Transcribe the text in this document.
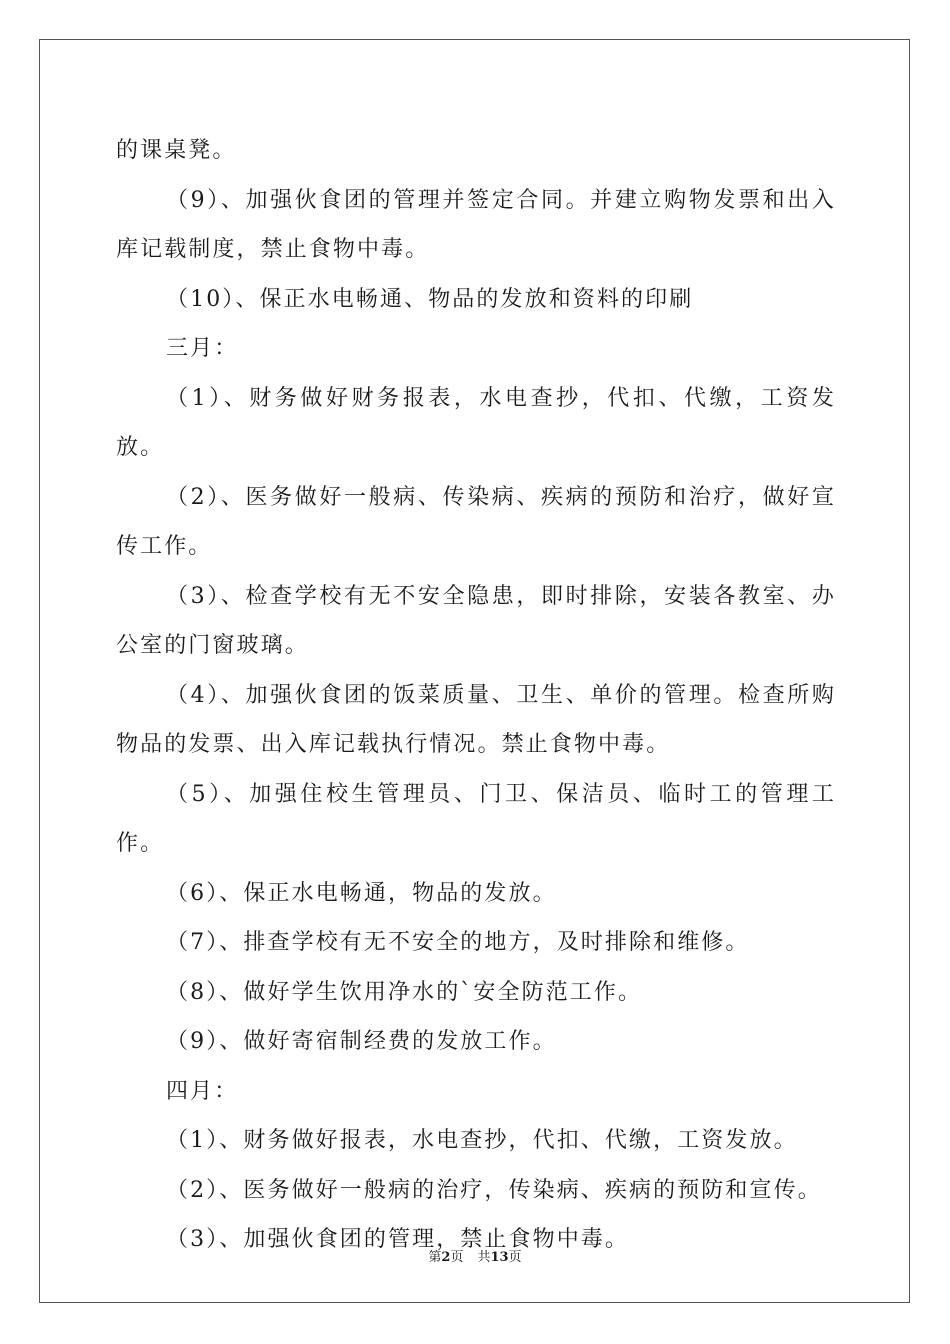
的课桌凳。

（9）、加强伙食团的管理并签定合同。并建立购物发票和出入库记载制度，禁止食物中毒。

（10）、保正水电畅通、物品的发放和资料的印刷

三月：

（1）、财务做好财务报表，水电查抄，代扣、代缴，工资发放。

（2）、医务做好一般病、传染病、疾病的预防和治疗，做好宣传工作。

（3）、检查学校有无不安全隐患，即时排除，安装各教室、办公室的门窗玻璃。

（4）、加强伙食团的饭菜质量、卫生、单价的管理。检查所购物品的发票、出入库记载执行情况。禁止食物中毒。

（5）、加强住校生管理员、门卫、保洁员、临时工的管理工作。

（6）、保正水电畅通，物品的发放。

（7）、排查学校有无不安全的地方，及时排除和维修。

（8）、做好学生饮用净水的`安全防范工作。

（9）、做好寄宿制经费的发放工作。

四月：

（1）、财务做好报表，水电查抄，代扣、代缴，工资发放。

（2）、医务做好一般病的治疗，传染病、疾病的预防和宣传。

（3）、加强伙食团的管理，禁止食物中毒。

第2页 共13页
